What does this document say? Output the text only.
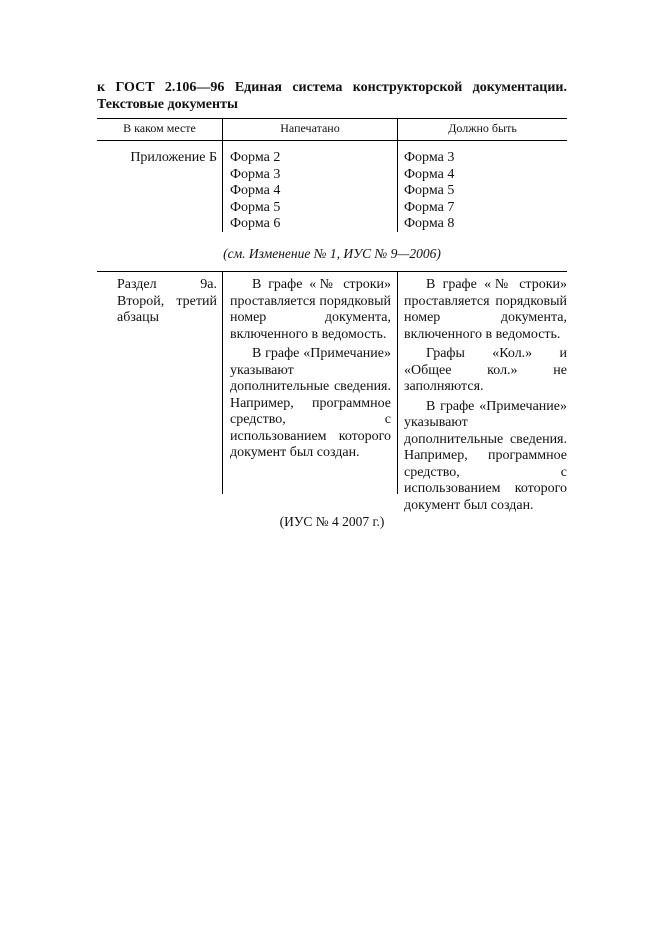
к ГОСТ 2.106—96 Единая система конструкторской документации. Текстовые документы
В каком месте	Напечатано	Должно быть
Приложение Б Форма 2
Форма 3
Форма 4
Форма 5
Форма 6
Форма 3
Форма 4
Форма 5
Форма 7
Форма 8
(см. Изменение № 1, ИУС № 9—2006)

Раздел 9а. Второй, третий абзацы

В графе «№ строки» проставляется порядковый номер документа, включенного в ведомость.

В графе «Примечание» указывают дополнительные сведения. Например, программное средство, с использованием которого документ был создан.

В графе «№ строки» проставляется порядковый номер документа, включенного в ведомость.

Графы «Кол.» и «Общее кол.» не заполняются.

В графе «Примечание» указывают дополнительные сведения. Например, программное средство, с использованием которого документ был создан.

(ИУС № 4 2007 г.)
